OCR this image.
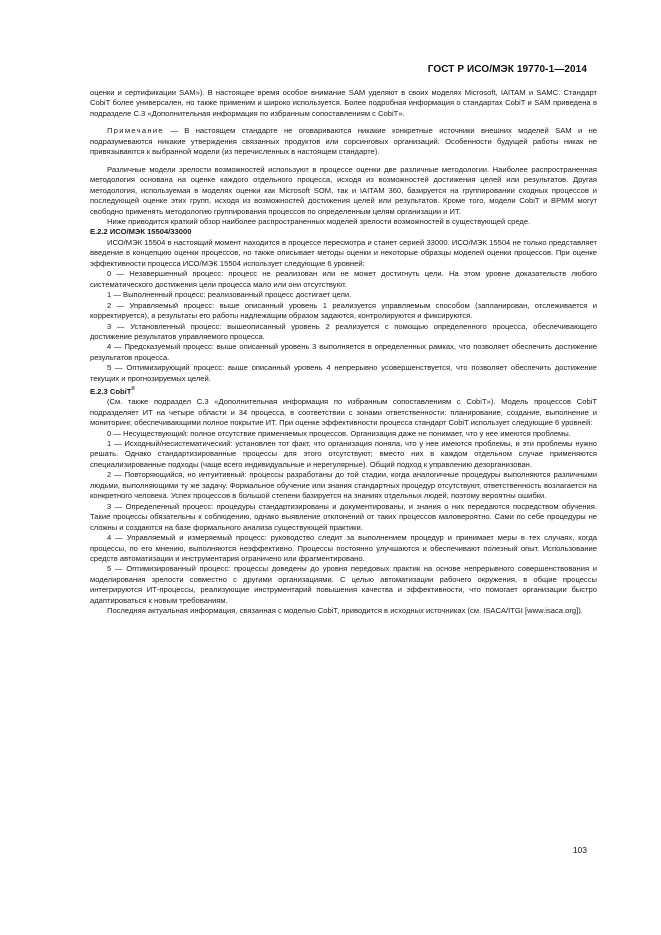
ГОСТ Р ИСО/МЭК 19770-1—2014

оценки и сертификации SAM»). В настоящее время особое внимание SAM уделяют в своих моделях Microsoft, IAITAM и SAMC. Стандарт CobiT более универсален, но также применим и широко используется. Более подробная информация о стандартах CobiT и SAM приведена в подразделе С.3 «Дополнительная информация по избранным сопоставлениям с CobiT».

Примечание — В настоящем стандарте не оговариваются никакие конкретные источники внешних моделей SAM и не подразумеваются никакие утверждения связанных продуктов или сорсинговых организаций. Особенности будущей работы никак не привязываются к выбранной модели (из перечисленных в настоящем стандарте).

Различные модели зрелости возможностей используют в процессе оценки две различные методологии. Наиболее распространенная методология основана на оценке каждого отдельного процесса, исходя из возможностей достижения целей или результатов. Другая методология, используемая в моделях оценки как Microsoft SOM, так и IAITAM 360, базируется на группировании сходных процессов и последующей оценке этих групп, исходя из возможностей достижения целей или результатов. Кроме того, модели CobiT и BPMM могут свободно применять методологию группирования процессов по определенным целям организации и ИТ.

Ниже приводится краткий обзор наиболее распространенных моделей зрелости возможностей в существующей среде.

Е.2.2 ИСО/МЭК 15504/33000

ИСО/МЭК 15504 в настоящий момент находится в процессе пересмотра и станет серией 33000. ИСО/МЭК 15504 не только представляет введение в концепцию оценки процессов, но также описывает методы оценки и некоторые образцы моделей оценки процессов. При оценке эффективности процесса ИСО/МЭК 15504 использует следующие 6 уровней:

0 — Незавершенный процесс: процесс не реализован или не может достигнуть цели. На этом уровне доказательств любого систематического достижения цели процесса мало или они отсутствуют.

1 — Выполненный процесс: реализованный процесс достигает цели.

2 — Управляемый процесс: выше описанный уровень 1 реализуется управляемым способом (запланирован, отслеживается и корректируется), а результаты его работы надлежащим образом задаются, контролируются и фиксируются.

3 — Установленный процесс: вышеописанный уровень 2 реализуется с помощью определенного процесса, обеспечивающего достижение результатов управляемого процесса.

4 — Предсказуемый процесс: выше описанный уровень 3 выполняется в определенных рамках, что позволяет обеспечить достижение результатов процесса.

5 — Оптимизирующий процесс: выше описанный уровень 4 непрерывно усовершенствуется, что позволяет обеспечить достижение текущих и прогнозируемых целей.

Е.2.3 CobiT®

(См. также подраздел С.3 «Дополнительная информация по избранным сопоставлениям с CobiT»). Модель процессов CobiT подразделяет ИТ на четыре области и 34 процесса, в соответствии с зонами ответственности: планирование, создание, выполнение и мониторинг, обеспечивающими полное покрытие ИТ. При оценке эффективности процесса стандарт CobiT использует следующие 6 уровней:

0 — Несуществующий: полное отсутствие применяемых процессов. Организация даже не понимает, что у нее имеются проблемы.

1 — Исходный/несистематический: установлен тот факт, что организация поняла, что у нее имеются проблемы, и эти проблемы нужно решать. Однако стандартизированные процессы для этого отсутствуют; вместо них в каждом отдельном случае применяются специализированные подходы (чаще всего индивидуальные и нерегулярные). Общий подход к управлению дезорганизован.

2 — Повторяющийся, но интуитивный: процессы разработаны до той стадии, когда аналогичные процедуры выполняются различными людьми, выполняющими ту же задачу. Формальное обучение или знания стандартных процедур отсутствуют, ответственность возлагается на конкретного человека. Успех процессов в большой степени базируется на знаниях отдельных людей, поэтому вероятны ошибки.

3 — Определенный процесс: процедуры стандартизированы и документированы, и знания о них передаются посредством обучения. Такие процессы обязательны к соблюдению, однако выявление отклонений от таких процессов маловероятно. Сами по себе процедуры не сложны и создаются на базе формального анализа существующей практики.

4 — Управляемый и измеряемый процесс: руководство следит за выполнением процедур и принимает меры в тех случаях, когда процессы, по его мнению, выполняются неэффективно. Процессы постоянно улучшаются и обеспечивают полезный опыт. Использование средств автоматизации и инструментария ограничено или фрагментировано.

5 — Оптимизированный процесс: процессы доведены до уровня передовых практик на основе непрерывного совершенствования и моделирования зрелости совместно с другими организациями. С целью автоматизации рабочего окружения, в общие процессы интегрируются ИТ-процессы, реализующие инструментарий повышения качества и эффективности, что помогает организации быстро адаптироваться к новым требованиям.

Последняя актуальная информация, связанная с моделью CobiT, приводится в исходных источниках (см. ISACA/ITGI [www.isaca.org]).

103
